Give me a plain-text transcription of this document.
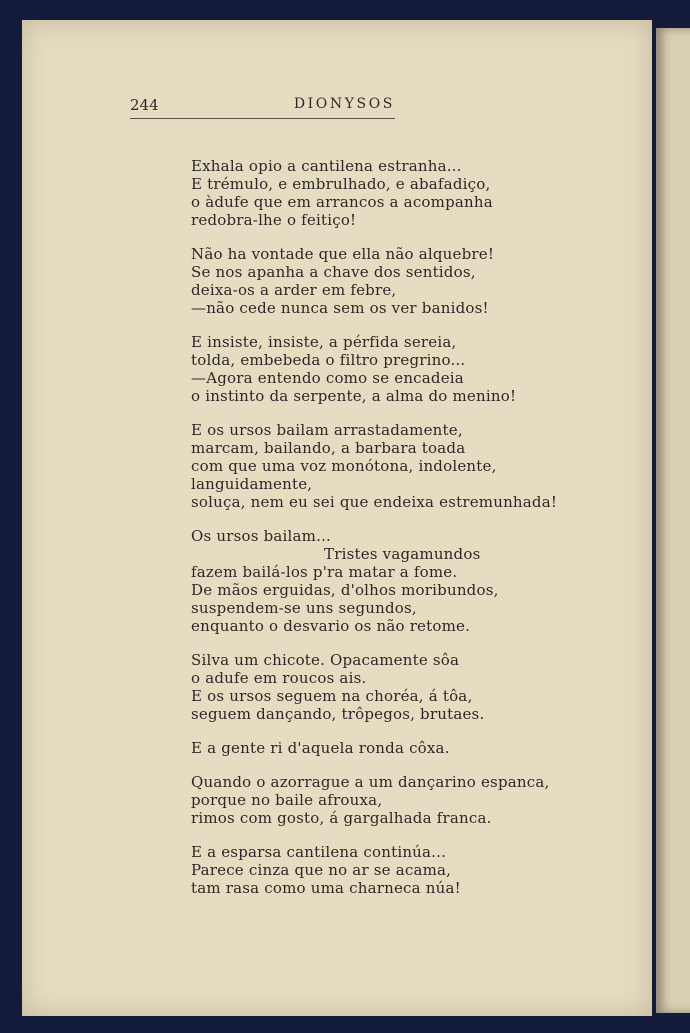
244	DIONYSOS
Exhala opio a cantilena estranha...
E trémulo, e embrulhado, e abafadiço,
o àdufe que em arrancos a acompanha
redobra-lhe o feitiço!
Não ha vontade que ella não alquebre!
Se nos apanha a chave dos sentidos,
deixa-os a arder em febre,
—não cede nunca sem os ver banidos!
E insiste, insiste, a pérfida sereia,
tolda, embebeda o filtro pregrino...
—Agora entendo como se encadeia
o instinto da serpente, a alma do menino!
E os ursos bailam arrastadamente,
marcam, bailando, a barbara toada
com que uma voz monótona, indolente,
languidamente,
soluça, nem eu sei que endeixa estremunhada!
Os ursos bailam...
Tristes vagamundos
fazem bailá-los p'ra matar a fome.
De mãos erguidas, d'olhos moribundos,
suspendem-se uns segundos,
enquanto o desvario os não retome.
Silva um chicote. Opacamente sôa
o adufe em roucos ais.
E os ursos seguem na choréa, á tôa,
seguem dançando, trôpegos, brutaes.
E a gente ri d'aquela ronda côxa.
Quando o azorrague a um dançarino espanca,
porque no baile afrouxa,
rimos com gosto, á gargalhada franca.
E a esparsa cantilena continúa...
Parece cinza que no ar se acama,
tam rasa como uma charneca núa!
